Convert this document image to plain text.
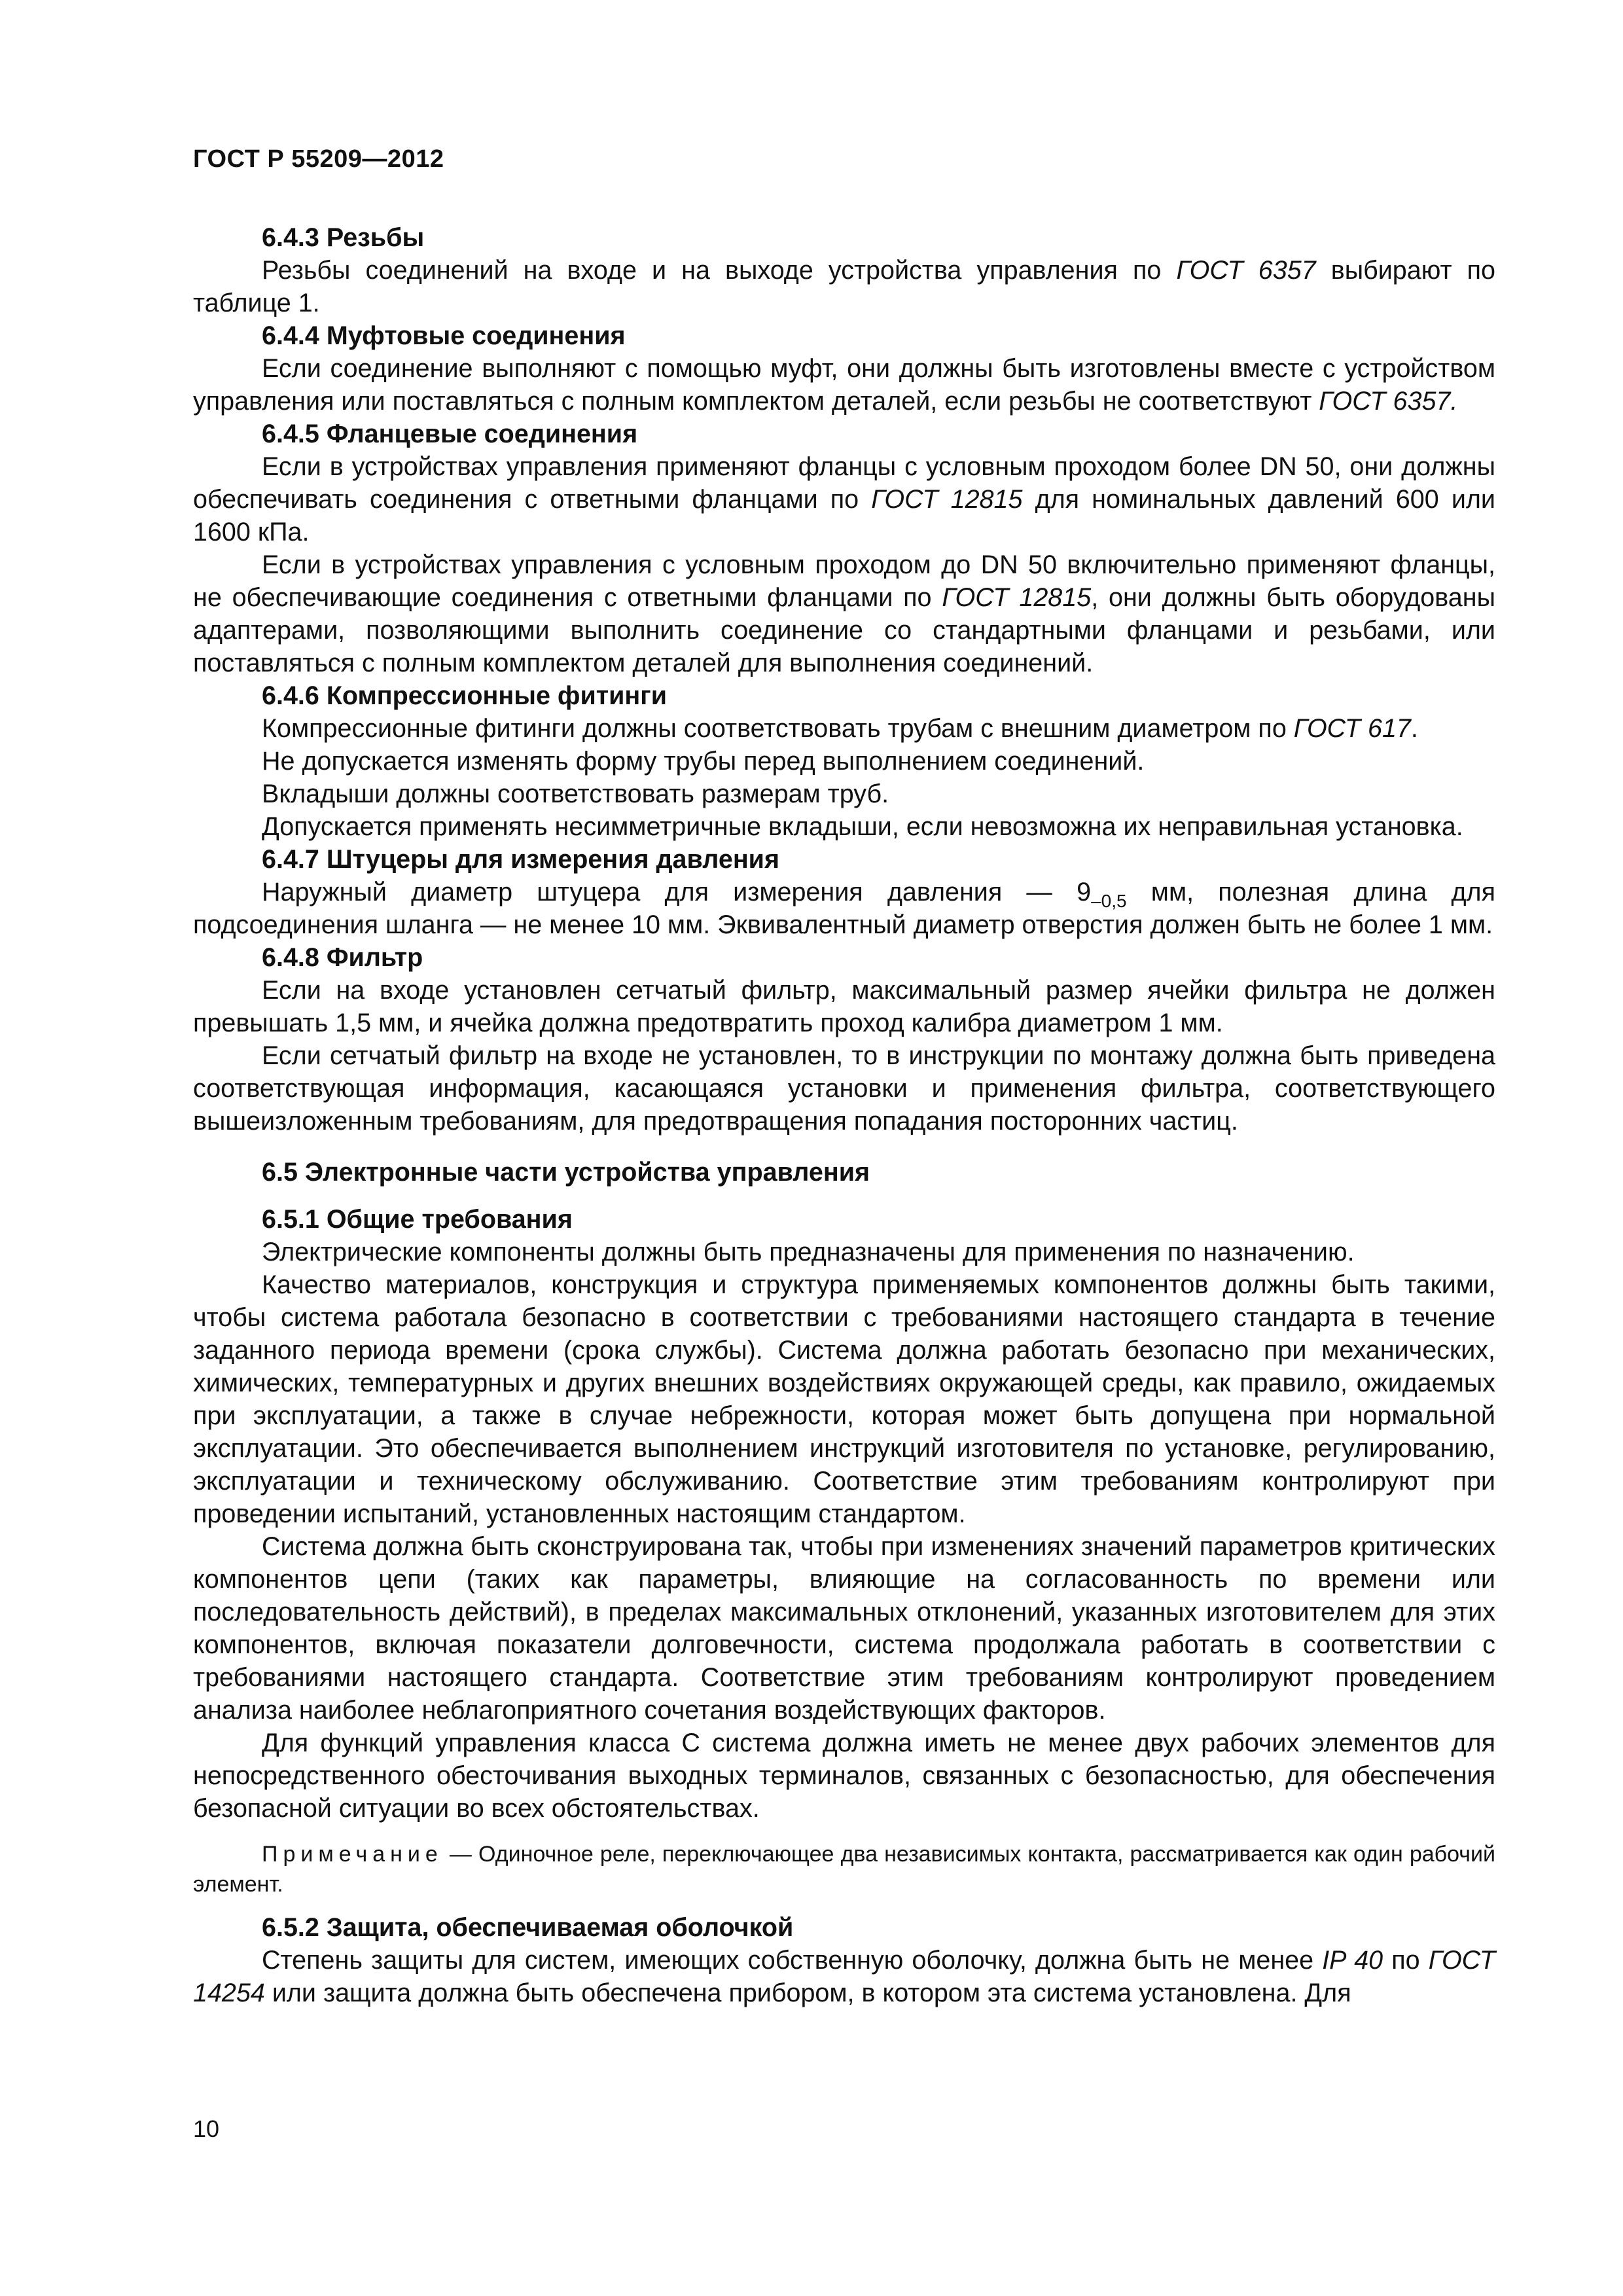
ГОСТ Р 55209—2012
6.4.3 Резьбы

Резьбы соединений на входе и на выходе устройства управления по ГОСТ 6357 выбирают по таблице 1.

6.4.4 Муфтовые соединения

Если соединение выполняют с помощью муфт, они должны быть изготовлены вместе с устройством управления или поставляться с полным комплектом деталей, если резьбы не соответствуют ГОСТ 6357.

6.4.5 Фланцевые соединения

Если в устройствах управления применяют фланцы с условным проходом более DN 50, они должны обеспечивать соединения с ответными фланцами по ГОСТ 12815 для номинальных давлений 600 или 1600 кПа.

Если в устройствах управления с условным проходом до DN 50 включительно применяют фланцы, не обеспечивающие соединения с ответными фланцами по ГОСТ 12815, они должны быть оборудованы адаптерами, позволяющими выполнить соединение со стандартными фланцами и резьбами, или поставляться с полным комплектом деталей для выполнения соединений.

6.4.6 Компрессионные фитинги

Компрессионные фитинги должны соответствовать трубам с внешним диаметром по ГОСТ 617.

Не допускается изменять форму трубы перед выполнением соединений.

Вкладыши должны соответствовать размерам труб.

Допускается применять несимметричные вкладыши, если невозможна их неправильная установка.

6.4.7 Штуцеры для измерения давления

Наружный диаметр штуцера для измерения давления — $9_{-0,5}$ мм, полезная длина для подсоединения шланга — не менее 10 мм. Эквивалентный диаметр отверстия должен быть не более 1 мм.

6.4.8 Фильтр

Если на входе установлен сетчатый фильтр, максимальный размер ячейки фильтра не должен превышать 1,5 мм, и ячейка должна предотвратить проход калибра диаметром 1 мм.

Если сетчатый фильтр на входе не установлен, то в инструкции по монтажу должна быть приведена соответствующая информация, касающаяся установки и применения фильтра, соответствующего вышеизложенным требованиям, для предотвращения попадания посторонних частиц.

6.5 Электронные части устройства управления
6.5.1 Общие требования

Электрические компоненты должны быть предназначены для применения по назначению.

Качество материалов, конструкция и структура применяемых компонентов должны быть такими, чтобы система работала безопасно в соответствии с требованиями настоящего стандарта в течение заданного периода времени (срока службы). Система должна работать безопасно при механических, химических, температурных и других внешних воздействиях окружающей среды, как правило, ожидаемых при эксплуатации, а также в случае небрежности, которая может быть допущена при нормальной эксплуатации. Это обеспечивается выполнением инструкций изготовителя по установке, регулированию, эксплуатации и техническому обслуживанию. Соответствие этим требованиям контролируют при проведении испытаний, установленных настоящим стандартом.

Система должна быть сконструирована так, чтобы при изменениях значений параметров критических компонентов цепи (таких как параметры, влияющие на согласованность по времени или последовательность действий), в пределах максимальных отклонений, указанных изготовителем для этих компонентов, включая показатели долговечности, система продолжала работать в соответствии с требованиями настоящего стандарта. Соответствие этим требованиям контролируют проведением анализа наиболее неблагоприятного сочетания воздействующих факторов.

Для функций управления класса С система должна иметь не менее двух рабочих элементов для непосредственного обесточивания выходных терминалов, связанных с безопасностью, для обеспечения безопасной ситуации во всех обстоятельствах.

Примечание — Одиночное реле, переключающее два независимых контакта, рассматривается как один рабочий элемент.

6.5.2 Защита, обеспечиваемая оболочкой

Степень защиты для систем, имеющих собственную оболочку, должна быть не менее IP 40 по ГОСТ 14254 или защита должна быть обеспечена прибором, в котором эта система установлена. Для

10
